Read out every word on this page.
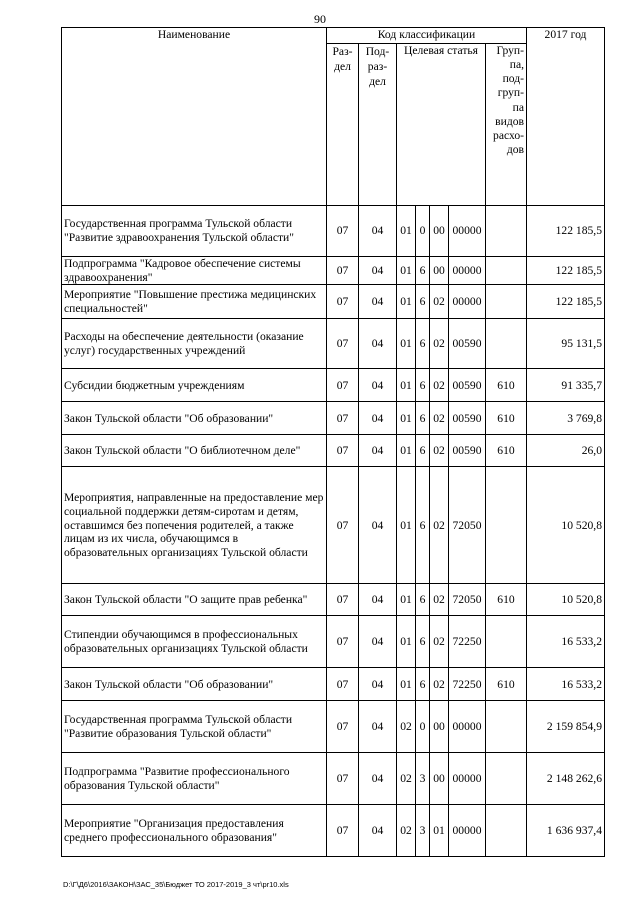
90
Наименование	Код классификации							2017 год
	Раз-дел	Под-раз-дел	Целевая статья				Груп-па, под-груп-па видов расхо-дов	

Государственная программа Тульской области "Развитие здравоохранения Тульской области"	07	04	01	0	00	00000		122 185,5
Подпрограмма "Кадровое обеспечение системы здравоохранения"	07	04	01	6	00	00000		122 185,5
Мероприятие "Повышение престижа медицинских специальностей"	07	04	01	6	02	00000		122 185,5
Расходы на обеспечение деятельности (оказание услуг) государственных учреждений	07	04	01	6	02	00590		95 131,5
Субсидии бюджетным учреждениям	07	04	01	6	02	00590	610	91 335,7
Закон Тульской области "Об образовании"	07	04	01	6	02	00590	610	3 769,8
Закон Тульской области "О библиотечном деле"	07	04	01	6	02	00590	610	26,0
Мероприятия, направленные на предоставление мер социальной поддержки детям-сиротам и детям, оставшимся без попечения родителей, а также лицам из их числа, обучающимся в образовательных организациях Тульской области	07	04	01	6	02	72050		10 520,8
Закон Тульской области "О защите прав ребенка"	07	04	01	6	02	72050	610	10 520,8
Стипендии обучающимся в профессиональных образовательных организациях Тульской области	07	04	01	6	02	72250		16 533,2
Закон Тульской области "Об образовании"	07	04	01	6	02	72250	610	16 533,2
Государственная программа Тульской области "Развитие образования Тульской области"	07	04	02	0	00	00000		2 159 854,9
Подпрограмма "Развитие профессионального образования Тульской области"	07	04	02	3	00	00000		2 148 262,6
Мероприятие "Организация предоставления среднего профессионального образования"	07	04	02	3	01	00000		1 636 937,4
D:\Г\Д6\2016\ЗАКОН\ЗАС_35\Бюджет ТО 2017-2019_3 чт\pr10.xls
